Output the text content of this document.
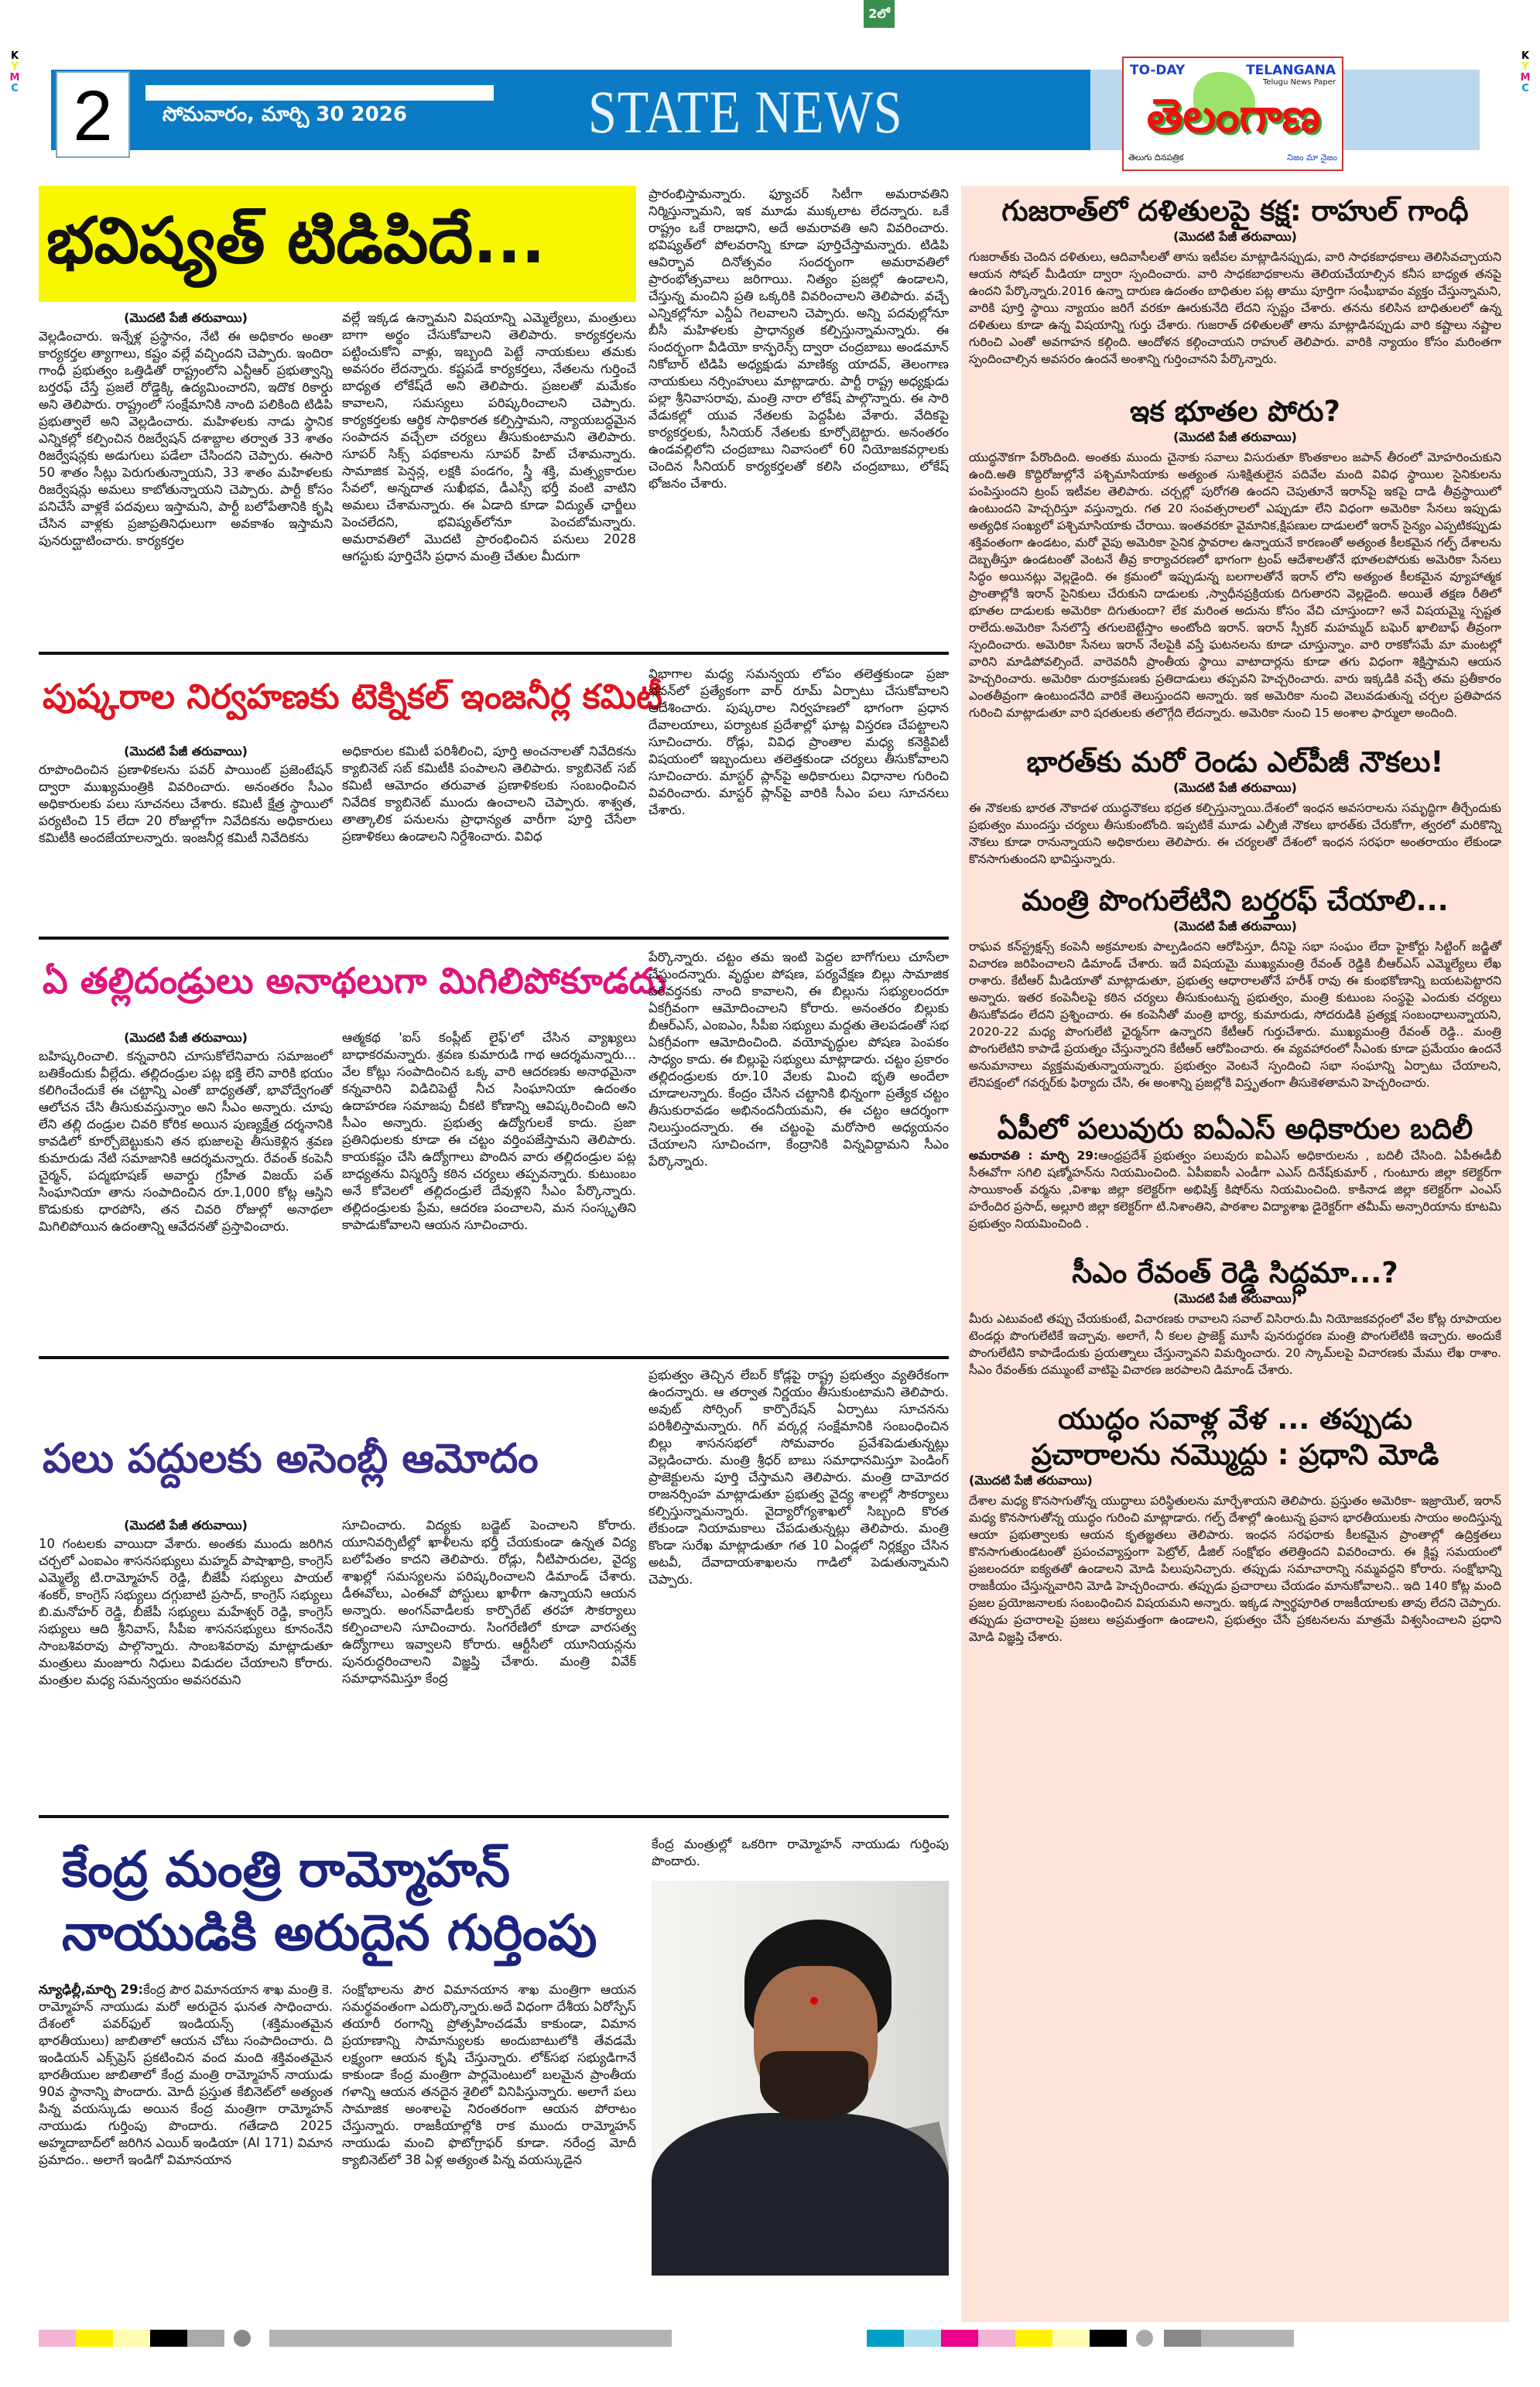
2లో
K
Y
M
C
K
Y
M
C
2	సోమవారం, మార్చి 30 2026	STATE NEWS
TO-DAY	TELANGANA
Telugu News Paper
తెలంగాణ
తెలుగు దినపత్రిక	నిజం మా నైజం
భవిష్యత్ టిడిపిదే...
(మొదటి పేజీ తరువాయి)
వెల్లడించారు. ఇన్నేళ్ల ప్రస్థానం, నేటి ఈ అధికారం అంతా కార్యకర్తల త్యాగాలు, కష్టం వల్లే వచ్చిందని చెప్పారు. ఇందిరా గాంధీ ప్రభుత్వం ఒత్తిడితో రాష్ట్రంలోని ఎన్టీఆర్ ప్రభుత్వాన్ని బర్తరఫ్ చేస్తే ప్రజలే రోడ్డెక్కి ఉద్యమించారని, ఇదొక రికార్డు అని తెలిపారు. రాష్ట్రంలో సంక్షేమానికి నాంది పలికింది టిడిపి ప్రభుత్వాలే అని వెల్లడించారు. మహిళలకు నాడు స్థానిక ఎన్నికల్లో కల్పించిన రిజర్వేషన్ దశాబ్దాల తర్వాత 33 శాతం రిజర్వేషన్లకు అడుగులు పడేలా చేసిందని చెప్పారు. ఈసారి 50 శాతం సీట్లు పెరుగుతున్నాయని, 33 శాతం మహిళలకు రిజర్వేషన్లు అమలు కాబోతున్నాయని చెప్పారు. పార్టీ కోసం పనిచేసే వాళ్లకే పదవులు ఇస్తామని, పార్టీ బలోపేతానికి కృషి చేసిన వాళ్లకు ప్రజాప్రతినిధులుగా అవకాశం ఇస్తామని పునరుద్ఘాటించారు. కార్యకర్తల
వల్లే ఇక్కడ ఉన్నామని విషయాన్ని ఎమ్మెల్యేలు, మంత్రులు బాగా అర్థం చేసుకోవాలని తెలిపారు. కార్యకర్తలను పట్టించుకోని వాళ్లు, ఇబ్బంది పెట్టే నాయకులు తమకు అవసరం లేదన్నారు. కష్టపడే కార్యకర్తలు, నేతలను గుర్తించే బాధ్యత లోకేష్‌దే అని తెలిపారు. ప్రజలతో మమేకం కావాలని, సమస్యలు పరిష్కరించాలని చెప్పారు. కార్యకర్తలకు ఆర్థిక సాధికారత కల్పిస్తామని, న్యాయబద్ధమైన సంపాదన వచ్చేలా చర్యలు తీసుకుంటామని తెలిపారు. సూపర్ సిక్స్ పథకాలను సూపర్ హిట్ చేశామన్నారు. సామాజిక పెన్షన్ల, లక్షకి పండగం, స్త్రీ శక్తి, మత్స్యకారుల సేవలో, అన్నదాత సుఖీభవ, డీఎస్సీ భర్తీ వంటి వాటిని అమలు చేశామన్నారు. ఈ ఏడాది కూడా విద్యుత్ ఛార్జీలు పెంచలేదని, భవిష్యత్‌లోనూ పెంచబోమన్నారు. అమరావతిలో మొదటి ప్రారంభించిన పనులు 2028 ఆగస్టుకు పూర్తిచేసి ప్రధాన మంత్రి చేతుల మీదుగా
ప్రారంభిస్తామన్నారు. ఫ్యూచర్ సిటీగా అమరావతిని నిర్మిస్తున్నామని, ఇక మూడు ముక్కలాట లేదన్నారు. ఒకే రాష్ట్రం ఒకే రాజధాని, అదే అమరావతి అని వివరించారు. భవిష్యత్‌లో పోలవరాన్ని కూడా పూర్తిచేస్తామన్నారు. టిడిపి ఆవిర్భావ దినోత్సవం సందర్భంగా అమరావతిలో ప్రారంభోత్సవాలు జరిగాయి. నిత్యం ప్రజల్లో ఉండాలని, చేస్తున్న మంచిని ప్రతి ఒక్కరికి వివరించాలని తెలిపారు. వచ్చే ఎన్నికల్లోనూ ఎన్డీఏ గెలవాలని చెప్పారు. అన్ని పదవుల్లోనూ బీసీ మహిళలకు ప్రాధాన్యత కల్పిస్తున్నామన్నారు. ఈ సందర్భంగా వీడియో కాన్ఫరెన్స్ ద్వారా చంద్రబాబు అండమాన్ నికోబార్ టిడిపి అధ్యక్షుడు మాణిక్య యాదవ్, తెలంగాణ నాయకులు నర్సింహులు మాట్లాడారు. పార్టీ రాష్ట్ర అధ్యక్షుడు పల్లా శ్రీనివాసరావు, మంత్రి నారా లోకేష్ పాల్గొన్నారు. ఈ సారి వేడుకల్లో యువ నేతలకు పెద్దపీట వేశారు. వేదికపై కార్యకర్తలకు, సీనియర్ నేతలకు కూర్చోబెట్టారు. అనంతరం ఉండవల్లిలోని చంద్రబాబు నివాసంలో 60 నియోజకవర్గాలకు చెందిన సీనియర్ కార్యకర్తలతో కలిసి చంద్రబాబు, లోకేష్ భోజనం చేశారు.
పుష్కరాల నిర్వహణకు టెక్నికల్ ఇంజనీర్ల కమిటీ
(మొదటి పేజీ తరువాయి)
రూపొందించిన ప్రణాళికలను పవర్ పాయింట్ ప్రజెంటేషన్ ద్వారా ముఖ్యమంత్రికి వివరించారు. అనంతరం సీఎం అధికారులకు పలు సూచనలు చేశారు. కమిటీ క్షేత్ర స్థాయిలో పర్యటించి 15 లేదా 20 రోజుల్లోగా నివేదికను అధికారులు కమిటీకి అందజేయాలన్నారు. ఇంజనీర్ల కమిటీ నివేదికను
అధికారుల కమిటీ పరిశీలించి, పూర్తి అంచనాలతో నివేదికను క్యాబినెట్ సబ్ కమిటీకి పంపాలని తెలిపారు. క్యాబినెట్ సబ్ కమిటీ ఆమోదం తరువాత ప్రణాళికలకు సంబంధించిన నివేదిక క్యాబినెట్ ముందు ఉంచాలని చెప్పారు. శాశ్వత, తాత్కాలిక పనులను ప్రాధాన్యత వారీగా పూర్తి చేసేలా ప్రణాళికలు ఉండాలని నిర్దేశించారు. వివిధ
విభాగాల మధ్య సమన్వయ లోపం తలెత్తకుండా ప్రజా భవన్‌లో ప్రత్యేకంగా వార్ రూమ్ ఏర్పాటు చేసుకోవాలని ఆదేశించారు. పుష్కరాల నిర్వహణలో భాగంగా ప్రధాన దేవాలయాలు, పర్యాటక ప్రదేశాల్లో ఘాట్ల విస్తరణ చేపట్టాలని సూచించారు. రోడ్లు, వివిధ ప్రాంతాల మధ్య కనెక్టివిటీ విషయంలో ఇబ్బందులు తలెత్తకుండా చర్యలు తీసుకోవాలని సూచించారు. మాస్టర్ ప్లాన్‌పై అధికారులు విధానాల గురించి వివరించారు. మాస్టర్ ప్లాన్‌పై వారికి సీఎం పలు సూచనలు చేశారు.
ఏ తల్లిదండ్రులు అనాథలుగా మిగిలిపోకూడదు
(మొదటి పేజీ తరువాయి)
బహిష్కరించాలి. కన్నవారిని చూసుకోలేనివారు సమాజంలో బతికేందుకు వీల్లేదు. తల్లిదండ్రుల పట్ల భక్తి లేని వారికి భయం కలిగించేందుకే ఈ చట్టాన్ని ఎంతో బాధ్యతతో, భావోద్వేగంతో ఆలోచన చేసి తీసుకువస్తున్నాం అని సీఎం అన్నారు. చూపు లేని తల్లి దండ్రుల చివరి కోరిక అయిన పుణ్యక్షేత్ర దర్శనానికి కావడిలో కూర్చోబెట్టుకుని తన భుజాలపై తీసుకెళ్లిన శ్రవణ కుమారుడు నేటి సమాజానికి ఆదర్శమన్నారు. రేవంత్ కంపెనీ చైర్మన్, పద్మభూషణ్ అవార్డు గ్రహీత విజయ్ పత్ సింఘానియా తాను సంపాదించిన రూ.1,000 కోట్ల ఆస్తిని కొడుకుకు ధారపోసి, తన చివరి రోజుల్లో అనాథలా మిగిలిపోయిన ఉదంతాన్ని ఆవేదనతో ప్రస్తావించారు.
ఆత్మకథ 'ఐస్ కంప్లీట్ లైఫ్'లో చేసిన వ్యాఖ్యలు బాధాకరమన్నారు. శ్రవణ కుమారుడి గాథ ఆదర్శమన్నారు... వేల కోట్లు సంపాదించిన ఒక్క వారి ఆదరణకు అనాథమైనా కన్నవారిని విడిచిపెట్టే నీచ సింఘానియా ఉదంతం ఉదాహరణ సమాజపు చీకటి కోణాన్ని ఆవిష్కరించింది అని సీఎం అన్నారు. ప్రభుత్వ ఉద్యోగులకే కాదు. ప్రజా ప్రతినిధులకు కూడా ఈ చట్టం వర్తింపజేస్తామని తెలిపారు. కాయకష్టం చేసి ఉద్యోగాలు పొందిన వారు తల్లిదండ్రుల పట్ల బాధ్యతను విస్మరిస్తే కఠిన చర్యలు తప్పవన్నారు. కుటుంబం అనే కోవెలలో తల్లిదండ్రులే దేవుళ్లని సీఎం పేర్కొన్నారు. తల్లిదండ్రులకు ప్రేమ, ఆదరణ పంచాలని, మన సంస్కృతిని కాపాడుకోవాలని ఆయన సూచించారు.
పేర్కొన్నారు. చట్టం తమ ఇంటి పెద్దల బాగోగులు చూసేలా చేస్తుందన్నారు. వృద్ధుల పోషణ, పర్యవేక్షణ బిల్లు సామాజిక పరివర్తనకు నాంది కావాలని, ఈ బిల్లును సభ్యులందరూ ఏకగ్రీవంగా ఆమోదించాలని కోరారు. అనంతరం బిల్లుకు బీఆర్ఎస్, ఎంఐఎం, సీపీఐ సభ్యులు మద్దతు తెలపడంతో సభ ఏకగ్రీవంగా ఆమోదించింది. వయోవృద్ధుల పోషణ పెంపకం సాధ్యం కాదు. ఈ బిల్లుపై సభ్యులు మాట్లాడారు. చట్టం ప్రకారం తల్లిదండ్రులకు రూ.10 వేలకు మించి భృతి అందేలా చూడాలన్నారు. కేంద్రం చేసిన చట్టానికి భిన్నంగా ప్రత్యేక చట్టం తీసుకురావడం అభినందనీయమని, ఈ చట్టం ఆదర్శంగా నిలుస్తుందన్నారు. ఈ చట్టంపై మరోసారి అధ్యయనం చేయాలని సూచించగా, కేంద్రానికి విన్నవిద్దామని సీఎం పేర్కొన్నారు.
పలు పద్దులకు అసెంబ్లీ ఆమోదం
(మొదటి పేజీ తరువాయి)
10 గంటలకు వాయిదా వేశారు. అంతకు ముందు జరిగిన చర్చలో ఎంఐఎం శాసనసభ్యులు మహ్మద్ పాషాఖాద్రి, కాంగ్రెస్ ఎమ్మెల్యే టి.రామ్మోహన్ రెడ్డి, బీజేపీ సభ్యులు పాయల్ శంకర్, కాంగ్రెస్ సభ్యులు దగ్గుబాటి ప్రసాద్, కాంగ్రెస్ సభ్యులు బి.మనోహర్ రెడ్డి, బీజేపీ సభ్యులు మహేశ్వర్ రెడ్డి, కాంగ్రెస్ సభ్యులు ఆది శ్రీనివాస్, సీపీఐ శాసనసభ్యులు కూనంనేని సాంబశివరావు పాల్గొన్నారు. సాంబశివరావు మాట్లాడుతూ మంత్రులు మంజూరు నిధులు విడుదల చేయాలని కోరారు. మంత్రుల మధ్య సమన్వయం అవసరమని
సూచించారు. విద్యకు బడ్జెట్ పెంచాలని కోరారు. యూనివర్సిటీల్లో ఖాళీలను భర్తీ చేయకుండా ఉన్నత విద్య బలోపేతం కాదని తెలిపారు. రోడ్లు, నీటిపారుదల, వైద్య శాఖల్లో సమస్యలను పరిష్కరించాలని డిమాండ్ చేశారు. డీఈవోలు, ఎంఈవో పోస్టులు ఖాళీగా ఉన్నాయని ఆయన అన్నారు. అంగన్‌వాడీలకు కార్పొరేట్ తరహా సౌకర్యాలు కల్పించాలని సూచించారు. సింగరేణిలో కూడా వారసత్వ ఉద్యోగాలు ఇవ్వాలని కోరారు. ఆర్టీసీలో యూనియన్లను పునరుద్ధరించాలని విజ్ఞప్తి చేశారు. మంత్రి వివేక్ సమాధానమిస్తూ కేంద్ర
ప్రభుత్వం తెచ్చిన లేబర్ కోడ్లపై రాష్ట్ర ప్రభుత్వం వ్యతిరేకంగా ఉందన్నారు. ఆ తర్వాత నిర్ణయం తీసుకుంటామని తెలిపారు. అవుట్ సోర్సింగ్ కార్పొరేషన్ ఏర్పాటు సూచనను పరిశీలిస్తామన్నారు. గిగ్ వర్కర్ల సంక్షేమానికి సంబంధించిన బిల్లు శాసనసభలో సోమవారం ప్రవేశపెడుతున్నట్లు వెల్లడించారు. మంత్రి శ్రీధర్ బాబు సమాధానమిస్తూ పెండింగ్ ప్రాజెక్టులను పూర్తి చేస్తామని తెలిపారు. మంత్రి దామోదర రాజనర్సింహ మాట్లాడుతూ ప్రభుత్వ వైద్య శాలల్లో సౌకర్యాలు కల్పిస్తున్నామన్నారు. వైద్యారోగ్యశాఖలో సిబ్బంది కొరత లేకుండా నియామకాలు చేపడుతున్నట్లు తెలిపారు. మంత్రి కొండా సురేఖ మాట్లాడుతూ గత 10 ఏండ్లలో నిర్లక్ష్యం చేసిన అటవీ, దేవాదాయశాఖలను గాడిలో పెడుతున్నామని చెప్పారు.
కేంద్ర మంత్రి రామ్మోహన్
నాయుడికి అరుదైన గుర్తింపు
న్యూఢిల్లీ,మార్చి 29:కేంద్ర పౌర విమానయాన శాఖ మంత్రి కె. రామ్మోహన్ నాయుడు మరో అరుదైన ఘనత సాధించారు. దేశంలో పవర్‌ఫుల్ ఇండియన్స్ (శక్తిమంతమైన భారతీయులు) జాబితాలో ఆయన చోటు సంపాదించారు. ది ఇండియన్ ఎక్స్‌ప్రెస్ ప్రకటించిన వంద మంది శక్తివంతమైన భారతీయుల జాబితాలో కేంద్ర మంత్రి రామ్మోహన్ నాయుడు 90వ స్థానాన్ని పొందారు. మోదీ ప్రస్తుత కేబినెట్‌లో అత్యంత పిన్న వయస్కుడు అయిన కేంద్ర మంత్రిగా రామ్మోహన్ నాయుడు గుర్తింపు పొందారు. గతేడాది 2025 అహ్మదాబాద్‌లో జరిగిన ఎయిర్ ఇండియా (AI 171) విమాన ప్రమాదం.. అలాగే ఇండిగో విమానయాన
సంక్షోభాలను పౌర విమానయాన శాఖ మంత్రిగా ఆయన సమర్థవంతంగా ఎదుర్కొన్నారు.అదే విధంగా దేశీయ ఏరోస్పేస్ తయారీ రంగాన్ని ప్రోత్సహించడమే కాకుండా, విమాన ప్రయాణాన్ని సామాన్యులకు అందుబాటులోకి తేవడమే లక్ష్యంగా ఆయన కృషి చేస్తున్నారు. లోక్‌సభ సభ్యుడిగానే కాకుండా కేంద్ర మంత్రిగా పార్లమెంటులో బలమైన ప్రాంతీయ గళాన్ని ఆయన తనదైన శైలిలో వినిపిస్తున్నారు. అలాగే పలు సామాజిక అంశాలపై నిరంతరంగా ఆయన పోరాటం చేస్తున్నారు. రాజకీయాల్లోకి రాక ముందు రామ్మోహన్ నాయుడు మంచి ఫొటోగ్రాఫర్ కూడా. నరేంద్ర మోదీ క్యాబినెట్‌లో 38 ఏళ్ల అత్యంత పిన్న వయస్కుడైన
కేంద్ర మంత్రుల్లో ఒకరిగా రామ్మోహన్ నాయుడు గుర్తింపు పొందారు.
గుజరాత్‌లో దళితులపై కక్ష: రాహుల్ గాంధీ
(మొదటి పేజీ తరువాయి)
గుజరాత్‌కు చెందిన దళితులు, ఆదివాసీలతో తాను ఇటీవల మాట్లాడినప్పుడు, వారి సాధకబాధకాలు తెలిసివచ్చాయని ఆయన సోషల్ మీడియా ద్వారా స్పందించారు. వారి సాధకబాధకాలను తెలియచేయాల్సిన కనీస బాధ్యత తనపై ఉందని పేర్కొన్నారు.2016 ఉన్నా దారుణ ఉదంతం బాధితుల పట్ల తాము పూర్తిగా సంఘీభావం వ్యక్తం చేస్తున్నామని, వారికి పూర్తి స్థాయి న్యాయం జరిగే వరకూ ఊరుకునేది లేదని స్పష్టం చేశారు. తనను కలిసిన బాధితులలో ఉన్న దళితులు కూడా ఉన్న విషయాన్ని గుర్తు చేశారు. గుజరాత్ దళితులతో తాను మాట్లాడినప్పుడు వారి కష్టాలు నష్టాల గురించి ఎంతో అవగాహన కల్గింది. ఆందోళన కల్గించాయని రాహుల్ తెలిపారు. వారికి న్యాయం కోసం మరింతగా స్పందించాల్సిన అవసరం ఉందనే అంశాన్ని గుర్తించానని పేర్కొన్నారు.
ఇక భూతల పోరు?
(మొదటి పేజీ తరువాయి)
యుద్ధనౌకగా పేరొందింది. అంతకు ముందు చైనాకు సవాలు విసురుతూ కొంతకాలం జపాన్ తీరంలో మోహరించుకుని ఉంది.అతి కొద్దిరోజుల్లోనే పశ్చిమాసియాకు అత్యంత సుశిక్షితులైన పదివేల మంది వివిధ స్థాయిల సైనికులను పంపిస్తుందని ట్రంప్ ఇటీవల తెలిపారు. చర్చల్లో పురోగతి ఉందని చెపుతూనే ఇరాన్‌పై ఇకపై దాడి తీవ్రస్థాయిలో ఉంటుందని హెచ్చరిస్తూ వస్తున్నారు. గత 20 సంవత్సరాలలో ఎప్పుడూ లేని విధంగా అమెరికా సేనలు ఇప్పుడు అత్యధిక సంఖ్యలో పశ్చిమాసియాకు చేరాయి. ఇంతవరకూ వైమానిక,క్షిపణుల దాడులలో ఇరాన్ సైన్యం ఎప్పటికప్పుడు శక్తివంతంగా ఉండటం, మరో వైపు అమెరికా సైనిక స్థావరాల ఉన్నాయనే కారణంతో అత్యంత కీలకమైన గల్ఫ్ దేశాలను దెబ్బతీస్తూ ఉండటంతో వెంటనే తీవ్ర కార్యాచరణలో భాగంగా ట్రంప్ ఆదేశాలతోనే భూతలపోరుకు అమెరికా సేనలు సిద్ధం అయినట్లు వెల్లడైంది. ఈ క్రమంలో ఇప్పుడున్న బలగాలతోనే ఇరాన్ లోని అత్యంత కీలకమైన వ్యూహాత్మక ప్రాంతాల్లోకి ఇరాన్ సైనికులు చేరుకుని దాడులకు ,స్వాధీనప్రక్రియకు దిగుతారని వెల్లడైంది. అయితే తక్షణ రీతిలో భూతల దాడులకు అమెరికా దిగుతుందా? లేక మరింత అదును కోసం వేచి చూస్తుందా? అనే విషయమ్మై స్పష్టత రాలేదు.అమెరికా సేనలొస్తే తగులబెట్టేస్తాం అంటోంది ఇరాన్. ఇరాన్ స్పీకర్ మహమ్మద్ బఘెర్ ఖాలిబాఫ్ తీవ్రంగా స్పందించారు. అమెరికా సేనలు ఇరాన్ నేలపైకి వస్తే ఘటనలను కూడా చూస్తున్నాం. వారి రాకకోసమే మా మంటల్లో వారిని మాడిపోవల్సిందే. వారెవరినీ ప్రాంతీయ స్థాయి వాటాదార్లను కూడా తగు విధంగా శిక్షిస్తామని ఆయన హెచ్చరించారు. అమెరికా దురాక్రమణకు ప్రతిదాడులు తప్పవని హెచ్చరించారు. వారు ఇక్కడికి వచ్చే తమ ప్రతీకారం ఎంతతీవ్రంగా ఉంటుందనేది వారికే తెలుస్తుందని అన్నారు. ఇక అమెరికా నుంచి వెలువడుతున్న చర్చల ప్రతిపాదన గురించి మాట్లాడుతూ వారి షరతులకు తలొగ్గేది లేదన్నారు. అమెరికా నుంచి 15 అంశాల ఫార్ములా అందింది.
భారత్‌కు మరో రెండు ఎల్‌పీజీ నౌకలు!
(మొదటి పేజీ తరువాయి)
ఈ నౌకలకు భారత నౌకాదళ యుద్ధనౌకలు భద్రత కల్పిస్తున్నాయి.దేశంలో ఇంధన అవసరాలను సమృద్ధిగా తీర్చేందుకు ప్రభుత్వం ముందస్తు చర్యలు తీసుకుంటోంది. ఇప్పటికే మూడు ఎల్పీజీ నౌకలు భారత్‌కు చేరుకోగా, త్వరలో మరికొన్ని నౌకలు కూడా రానున్నాయని అధికారులు తెలిపారు. ఈ చర్యలతో దేశంలో ఇంధన సరఫరా అంతరాయం లేకుండా కొనసాగుతుందని భావిస్తున్నారు.
మంత్రి పొంగులేటిని బర్తరఫ్ చేయాలి...
(మొదటి పేజీ తరువాయి)
రాఘవ కన్‌స్ట్రక్షన్స్ కంపెనీ అక్రమాలకు పాల్పడిందని ఆరోపిస్తూ, దీనిపై సభా సంఘం లేదా హైకోర్టు సిట్టింగ్ జడ్జితో విచారణ జరిపించాలని డిమాండ్ చేశారు. ఇదే విషయమై ముఖ్యమంత్రి రేవంత్ రెడ్డికి బీఆర్ఎస్ ఎమ్మెల్యేలు లేఖ రాశారు. కేటీఆర్ మీడియాతో మాట్లాడుతూ, ప్రభుత్వ ఆధారాలతోనే హరీశ్ రావు ఈ కుంభకోణాన్ని బయటపెట్టారని అన్నారు. ఇతర కంపెనీలపై కఠిన చర్యలు తీసుకుంటున్న ప్రభుత్వం, మంత్రి కుటుంబ సంస్థపై ఎందుకు చర్యలు తీసుకోవడం లేదని ప్రశ్నించారు. ఈ కంపెనీతో మంత్రి భార్య, కుమారుడు, సోదరుడికి ప్రత్యక్ష సంబంధాలున్నాయని, 2020-22 మధ్య పొంగులేటి ఛైర్మన్‌గా ఉన్నారని కేటీఆర్ గుర్తుచేశారు. ముఖ్యమంత్రి రేవంత్ రెడ్డి.. మంత్రి పొంగులేటిని కాపాడే ప్రయత్నం చేస్తున్నారని కేటీఆర్ ఆరోపించారు. ఈ వ్యవహారంలో సీఎంకు కూడా ప్రమేయం ఉందనే అనుమానాలు వ్యక్తమవుతున్నాయన్నారు. ప్రభుత్వం వెంటనే స్పందించి సభా సంఘాన్ని ఏర్పాటు చేయాలని, లేనిపక్షంలో గవర్నర్‌కు ఫిర్యాదు చేసి, ఈ అంశాన్ని ప్రజల్లోకి విస్తృతంగా తీసుకెళతామని హెచ్చరించారు.
ఏపీలో పలువురు ఐఏఎస్ అధికారుల బదిలీ
అమరావతి : మార్చి 29:ఆంధ్రప్రదేశ్ ప్రభుత్వం పలువురు ఐఏఎస్ అధికారులను , బదిలీ చేసింది. ఏపీఈడీబీ సీఈవోగా సగిలి షణ్మోహన్‌ను నియమించింది. ఏపీఐఐసీ ఎండీగా ఎఎస్ దినేష్‌కుమార్ , గుంటూరు జిల్లా కలెక్టర్‌గా సాయికాంత్ వర్మను ,విశాఖ జిల్లా కలెక్టర్‌గా అభిషిక్త్ కిషోర్‌ను నియమించింది. కాకినాడ జిల్లా కలెక్టర్‌గా ఎంఎస్ హరేందిర ప్రసాద్, అల్లూరి జిల్లా కలెక్టర్‌గా టి.నిశాంతిని, పాఠశాల విద్యాశాఖ డైరెక్టర్‌గా తమీమ్ అన్సారియాను కూటమి ప్రభుత్వం నియమించింది .
సీఎం రేవంత్ రెడ్డి సిద్ధమా...?
(మొదటి పేజీ తరువాయి)
మీరు ఎటువంటి తప్పు చేయకుంటే, విచారణకు రావాలని సవాల్ విసిరారు.మీ నియోజకవర్గంలో వేల కోట్ల రూపాయల టెండర్లు పొంగులేటికే ఇచ్చావు. అలాగే, నీ కలల ప్రాజెక్ట్ మూసీ పునరుద్ధరణ మంత్రి పొంగులేటికి ఇచ్చారు. అందుకే పొంగులేటిని కాపాడేందుకు ప్రయత్నాలు చేస్తున్నావని విమర్శించారు. 20 స్కామ్‌లపై విచారణకు మేము లేఖ రాశాం. సీఎం రేవంత్‌కు దమ్ముంటే వాటిపై విచారణ జరపాలని డిమాండ్ చేశారు.
యుద్ధం సవాళ్ల వేళ ... తప్పుడు
ప్రచారాలను నమ్మొద్దు : ప్రధాని మోడి
(మొదటి పేజీ తరువాయి)
దేశాల మధ్య కొనసాగుతోన్న యుద్ధాలు పరిస్థితులను మార్చేశాయని తెలిపారు. ప్రస్తుతం అమెరికా- ఇజ్రాయెల్, ఇరాన్ మధ్య కొనసాగుతోన్న యుద్ధం గురించి మాట్లాడారు. గల్ఫ్ దేశాల్లో ఉంటున్న ప్రవాస భారతీయులకు సాయం అందిస్తున్న ఆయా ప్రభుత్వాలకు ఆయన కృతజ్ఞతలు తెలిపారు. ఇంధన సరఫరాకు కీలకమైన ప్రాంతాల్లో ఉద్రిక్తతలు కొనసాగుతుండటంతో ప్రపంచవ్యాప్తంగా పెట్రోల్, డీజిల్ సంక్షోభం తలెత్తిందని వివరించారు. ఈ క్లిష్ట సమయంలో ప్రజలందరూ ఐక్యతతో ఉండాలని మోడి పిలుపునిచ్చారు. తప్పుడు సమాచారాన్ని నమ్మవద్దని కోరారు. సంక్షోభాన్ని రాజకీయం చేస్తున్నవారిని మోడి హెచ్చరించారు. తప్పుడు ప్రచారాలు చేయడం మానుకోవాలని.. ఇది 140 కోట్ల మంది ప్రజల ప్రయోజనాలకు సంబంధించిన విషయమని అన్నారు. ఇక్కడ స్వార్థపూరిత రాజకీయాలకు తావు లేదని చెప్పారు. తప్పుడు ప్రచారాలపై ప్రజలు అప్రమత్తంగా ఉండాలని, ప్రభుత్వం చేసే ప్రకటనలను మాత్రమే విశ్వసించాలని ప్రధాని మోడి విజ్ఞప్తి చేశారు.
